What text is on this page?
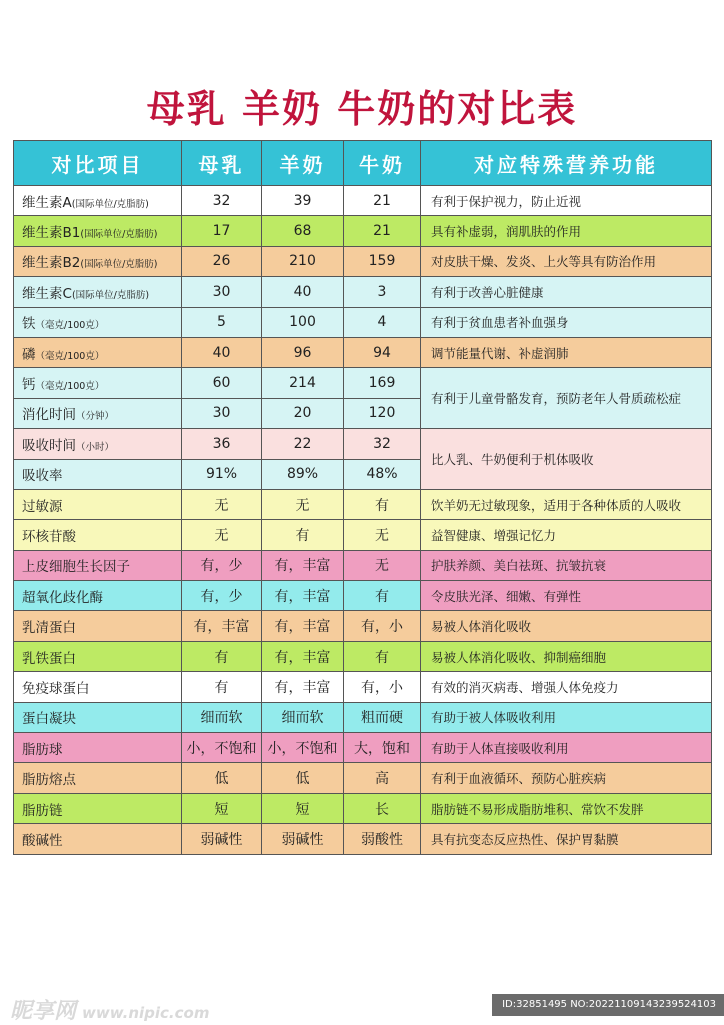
母乳 羊奶 牛奶的对比表
对比项目	母乳	羊奶	牛奶	对应特殊营养功能
维生素A(国际单位/克脂肪)	32	39	21	有利于保护视力，防止近视
维生素B1(国际单位/克脂肪)	17	68	21	具有补虚弱，润肌肤的作用
维生素B2(国际单位/克脂肪)	26	210	159	对皮肤干燥、发炎、上火等具有防治作用
维生素C(国际单位/克脂肪)	30	40	3	有利于改善心脏健康
铁（毫克/100克）	5	100	4	有利于贫血患者补血强身
磷（毫克/100克）	40	96	94	调节能量代谢、补虚润肺
钙（毫克/100克）	60	214	169	有利于儿童骨骼发育，预防老年人骨质疏松症
消化时间（分钟）	30	20	120	
吸收时间（小时）	36	22	32	比人乳、牛奶便利于机体吸收
吸收率	91%	89%	48%	
过敏源	无	无	有	饮羊奶无过敏现象，适用于各种体质的人吸收
环核苷酸	无	有	无	益智健康、增强记忆力
上皮细胞生长因子	有，少	有，丰富	无	护肤养颜、美白祛斑、抗皱抗衰
超氧化歧化酶	有，少	有，丰富	有	令皮肤光泽、细嫩、有弹性
乳清蛋白	有，丰富	有，丰富	有，小	易被人体消化吸收
乳铁蛋白	有	有，丰富	有	易被人体消化吸收、抑制癌细胞
免疫球蛋白	有	有，丰富	有，小	有效的消灭病毒、增强人体免疫力
蛋白凝块	细而软	细而软	粗而硬	有助于被人体吸收利用
脂肪球	小，不饱和	小，不饱和	大，饱和	有助于人体直接吸收利用
脂肪熔点	低	低	高	有利于血液循环、预防心脏疾病
脂肪链	短	短	长	脂肪链不易形成脂肪堆积、常饮不发胖
酸碱性	弱碱性	弱碱性	弱酸性	具有抗变态反应热性、保护胃黏膜
昵享网 www.nipic.com	ID:32851495 NO:20221109143239524103
